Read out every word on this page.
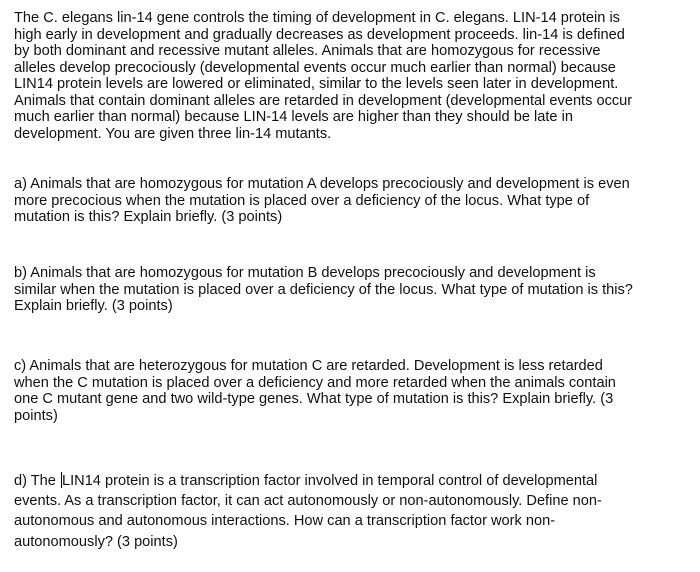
The C. elegans lin-14 gene controls the timing of development in C. elegans. LIN-14 protein is
high early in development and gradually decreases as development proceeds. lin-14 is defined
by both dominant and recessive mutant alleles. Animals that are homozygous for recessive
alleles develop precociously (developmental events occur much earlier than normal) because
LIN14 protein levels are lowered or eliminated, similar to the levels seen later in development.
Animals that contain dominant alleles are retarded in development (developmental events occur
much earlier than normal) because LIN-14 levels are higher than they should be late in
development. You are given three lin-14 mutants.
a) Animals that are homozygous for mutation A develops precociously and development is even
more precocious when the mutation is placed over a deficiency of the locus. What type of
mutation is this? Explain briefly. (3 points)
b) Animals that are homozygous for mutation B develops precociously and development is
similar when the mutation is placed over a deficiency of the locus. What type of mutation is this?
Explain briefly. (3 points)
c) Animals that are heterozygous for mutation C are retarded. Development is less retarded
when the C mutation is placed over a deficiency and more retarded when the animals contain
one C mutant gene and two wild-type genes. What type of mutation is this? Explain briefly. (3
points)
d) The LIN14 protein is a transcription factor involved in temporal control of developmental
events. As a transcription factor, it can act autonomously or non-autonomously. Define non-
autonomous and autonomous interactions. How can a transcription factor work non-
autonomously? (3 points)
